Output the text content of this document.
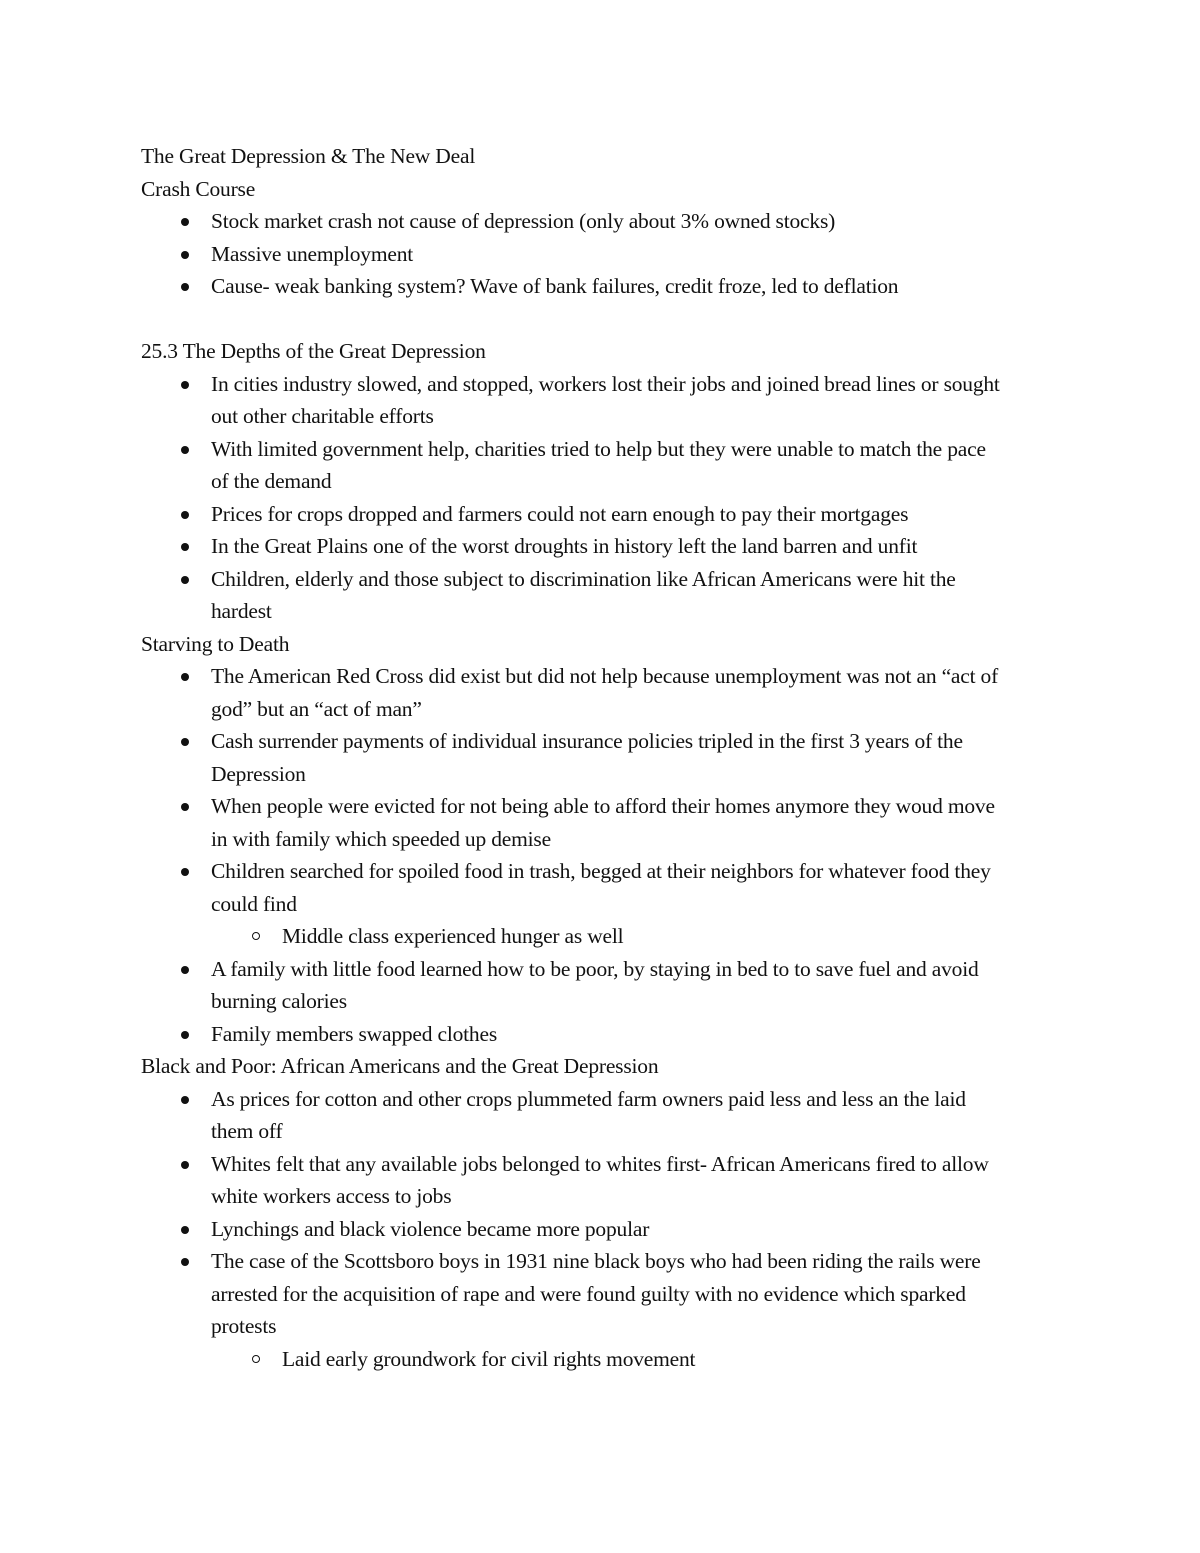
The Great Depression & The New Deal

Crash Course

Stock market crash not cause of depression (only about 3% owned stocks)
Massive unemployment
Cause- weak banking system? Wave of bank failures, credit froze, led to deflation

25.3 The Depths of the Great Depression

In cities industry slowed, and stopped, workers lost their jobs and joined bread lines or sought out other charitable efforts
With limited government help, charities tried to help but they were unable to match the pace of the demand
Prices for crops dropped and farmers could not earn enough to pay their mortgages
In the Great Plains one of the worst droughts in history left the land barren and unfit
Children, elderly and those subject to discrimination like African Americans were hit the hardest

Starving to Death

The American Red Cross did exist but did not help because unemployment was not an “act of god” but an “act of man”
Cash surrender payments of individual insurance policies tripled in the first 3 years of the Depression
When people were evicted for not being able to afford their homes anymore they woud move in with family which speeded up demise
Children searched for spoiled food in trash, begged at their neighbors for whatever food they could find
Middle class experienced hunger as well
A family with little food learned how to be poor, by staying in bed to to save fuel and avoid burning calories
Family members swapped clothes

Black and Poor: African Americans and the Great Depression

As prices for cotton and other crops plummeted farm owners paid less and less an the laid them off
Whites felt that any available jobs belonged to whites first- African Americans fired to allow white workers access to jobs
Lynchings and black violence became more popular
The case of the Scottsboro boys in 1931 nine black boys who had been riding the rails were arrested for the acquisition of rape and were found guilty with no evidence which sparked protests
Laid early groundwork for civil rights movement
